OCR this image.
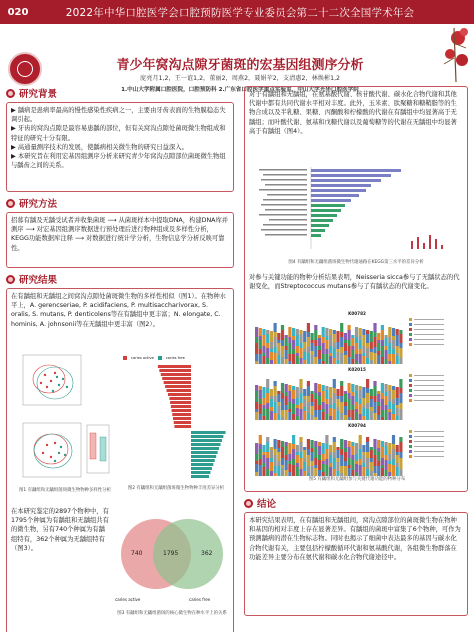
020	2022年中华口腔医学会口腔预防医学专业委员会第二十二次全国学术年会
青少年窝沟点隙牙菌斑的宏基因组测序分析
庞亮月1,2，王一谊1,2，董丽2，周燕2，聂娟苹2，支清惠2，林焕彬1,2
1.中山大学附属口腔医院，口腔预防科 2.广东省口腔医学重点实验室，中山大学光华口腔医学院
研究背景

▶ 龋病是患病率最高的慢性感染性疾病之一，主要由牙齿表面的生物膜稳态失调引起。

▶ 牙齿的窝沟点隙是最容易患龋的部位，但有关窝沟点隙处菌斑微生物组成和特征的研究十分有限。

▶ 高通量测序技术的发展，使龋病相关微生物的研究日益深入。

▶ 本研究旨在利用宏基因组测序分析来研究青少年窝沟点隙部位菌斑微生物组与龋齿之间的关系。

研究方法
招募有龋及无龋受试者并收集菌斑 ⟶ 从菌斑样本中提取DNA，构建DNA库并测序 ⟶ 对宏基因组测序数据进行预处理后进行物种组成及多样性分析，KEGG功能数据库注释 ⟶ 对数据进行统计学分析，生物信息学分析反映可靠性。
研究结果
在有龋组和无龋组之间窝沟点隙处菌斑微生物的多样性相似（图1）。在物种水平上，A. gerencseriae, P. acidifaciens, P. multisaccharivorax, S. oralis, S. mutans, P. denticolens等在有龋组中更丰富；N. elongate, C. hominis, A. johnsonii等在无龋组中更丰富（图2）。
图1 有龋组和无龋组菌斑微生物物种多样性分析
caries active	caries free
图2 有龋组和无龋组菌斑微生物物种丰度差异分析
在本研究鉴定的2897个物种中，有1795个种属为有龋组和无龋组共有的微生物，另有740个种属为有龋组特有，362个种属为无龋组特有（图3）。
740	1795	362
caries active	caries free
图3 有龋组和无龋组菌斑的核心微生物在种水平上的关系
对于有龋组和无龋组，在氨基酸代谢、核苷酸代谢、碳水化合物代谢和其他代谢中都有共同代谢水平相对丰度。此外，玉米素、肽聚糖和糖鞘脂等的生物合成以及半乳糖、果糖、丙酮酸和柠檬酸的代谢在有龋组中均显著高于无龋组；而叶酸代谢、氨基和戊糖代谢以及葡萄糖等的代谢在无龋组中均显著高于有龋组（图4）。
图4 有龋组和无龋组菌斑微生物代谢通路在KEGG第三水平的差异分析
对参与关键功能的物种分析结果表明，Neisseria sicca参与了无龋状态的代谢变化，而Streptococcus mutans参与了有龋状态的代谢变化。
K00782
K02015
K00794
图5 有龋组和无龋组参与关键代谢功能的物种分布
结论
本研究结果表明，在有龋组和无龋组间，窝沟点隙部位的菌斑微生物在物种和基因的相对丰度上存在显著差异。有龋组的菌斑中富集了6个物种，可作为预测龋病的潜在生物标志物。同时也揭示了细菌中表达最多的基因与碳水化合物代谢有关，主要包括柠檬酸循环代谢和氨基酸代谢，各组微生物群落在功能差异主要分布在氨代谢和碳水化合物代谢途径中。
